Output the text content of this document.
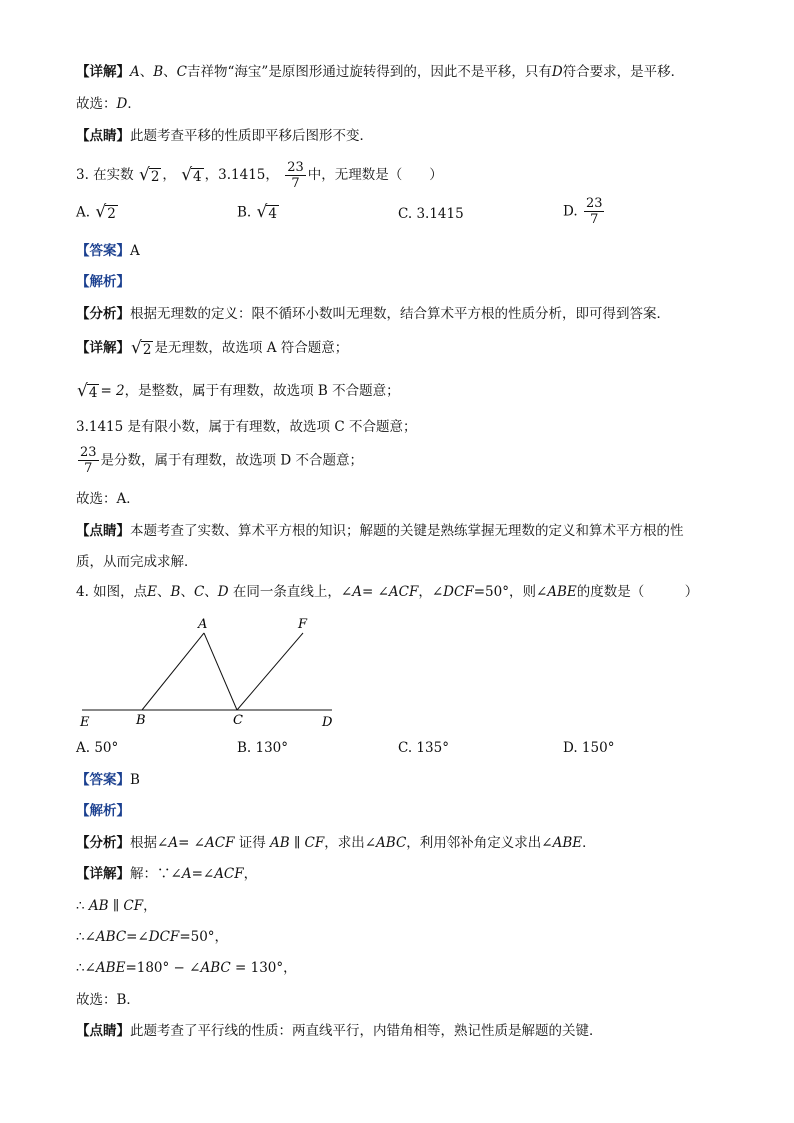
【详解】A、B、C吉祥物“海宝”是原图形通过旋转得到的，因此不是平移，只有D符合要求，是平移．
故选：D．
【点睛】此题考查平移的性质即平移后图形不变．
3. 在实数 √ 2 ， √ 4 ，3.1415， $\frac{23}{7}$ 中，无理数是（　　）
A. √ 2	B. √ 4	C. 3.1415	D. $\frac{23}{7}$
【答案】A
【解析】
【分析】根据无理数的定义：限不循环小数叫无理数，结合算术平方根的性质分析，即可得到答案．
【详解】 √ 2 是无理数，故选项 A 符合题意；
√ 4 = 2，是整数，属于有理数，故选项 B 不合题意；
3.1415 是有限小数，属于有理数，故选项 C 不合题意；
$\frac{23}{7}$ 是分数，属于有理数，故选项 D 不合题意；
故选：A．
【点睛】本题考查了实数、算术平方根的知识；解题的关键是熟练掌握无理数的定义和算术平方根的性
质，从而完成求解．
4. 如图，点E、B、C、D 在同一条直线上，∠A= ∠ACF，∠DCF=50°，则∠ABE的度数是（　　　）
A	F
E	B	C	D
A. 50°	B. 130°	C. 135°	D. 150°
【答案】B
【解析】
【分析】根据∠A= ∠ACF 证得 AB ∥ CF，求出∠ABC，利用邻补角定义求出∠ABE．
【详解】解：∵∠A=∠ACF，
∴ AB ∥ CF，
∴∠ABC=∠DCF=50°，
∴∠ABE=180° − ∠ABC = 130°，
故选：B．
【点睛】此题考查了平行线的性质：两直线平行，内错角相等，熟记性质是解题的关键．
